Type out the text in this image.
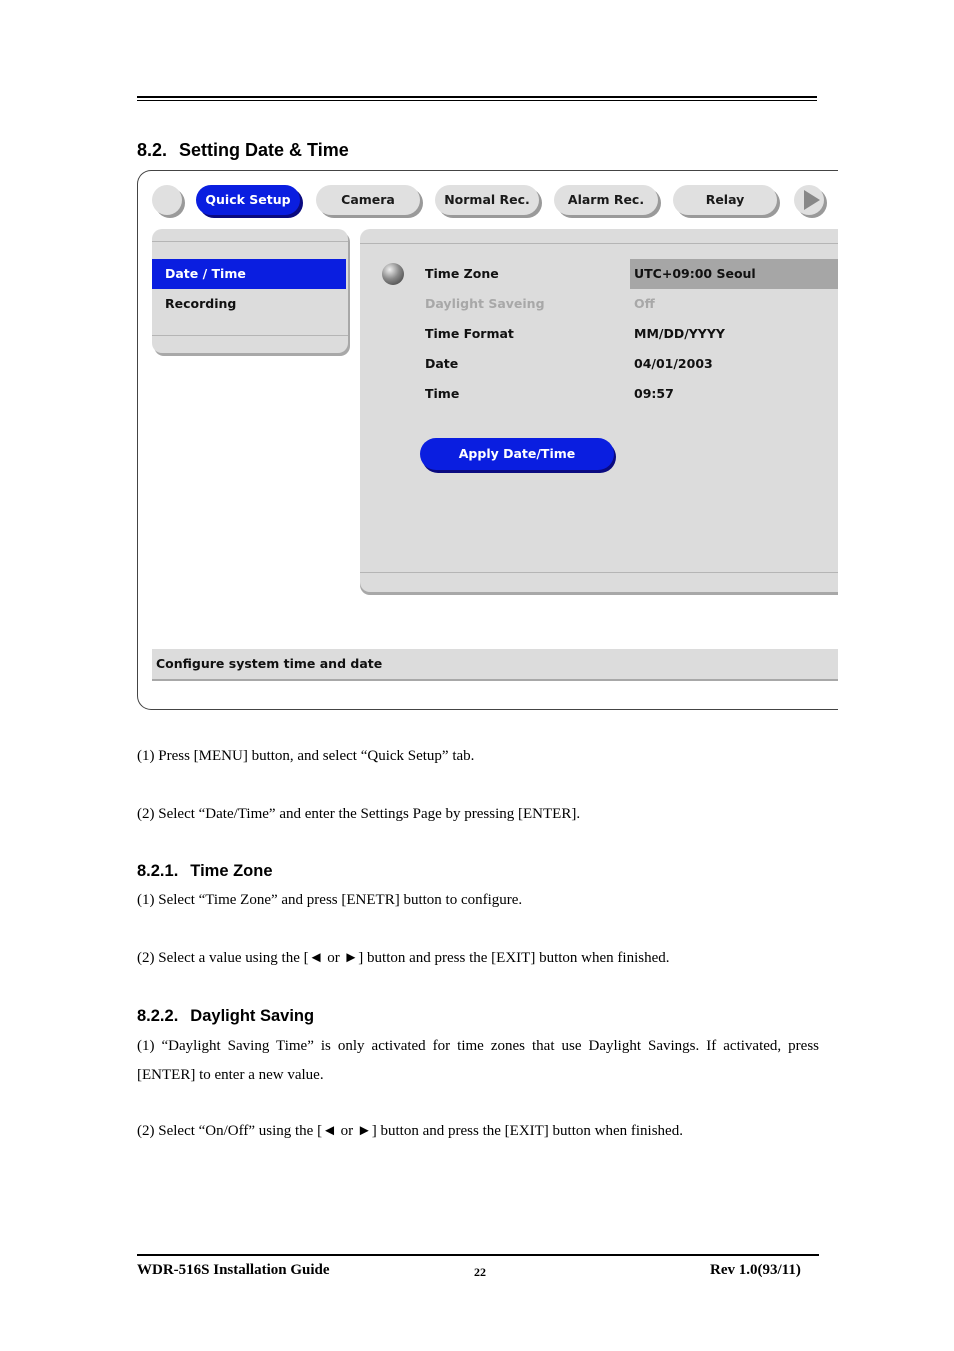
8.2. Setting Date & Time
Quick Setup	Camera	Normal Rec.	Alarm Rec.	Relay
Date / Time
Recording
Time Zone	UTC+09:00 Seoul
Daylight Saveing	Off
Time Format	MM/DD/YYYY
Date	04/01/2003
Time	09:57
Apply Date/Time
Configure system time and date
(1) Press [MENU] button, and select “Quick Setup” tab.
(2) Select “Date/Time” and enter the Settings Page by pressing [ENTER].
8.2.1. Time Zone
(1) Select “Time Zone” and press [ENETR] button to configure.
(2) Select a value using the [◄ or ►] button and press the [EXIT] button when finished.
8.2.2. Daylight Saving
(1) “Daylight Saving Time” is only activated for time zones that use Daylight Savings. If activated, press [ENTER] to enter a new value.
(2) Select “On/Off” using the [◄ or ►] button and press the [EXIT] button when finished.
WDR-516S Installation Guide	22	Rev 1.0(93/11)
